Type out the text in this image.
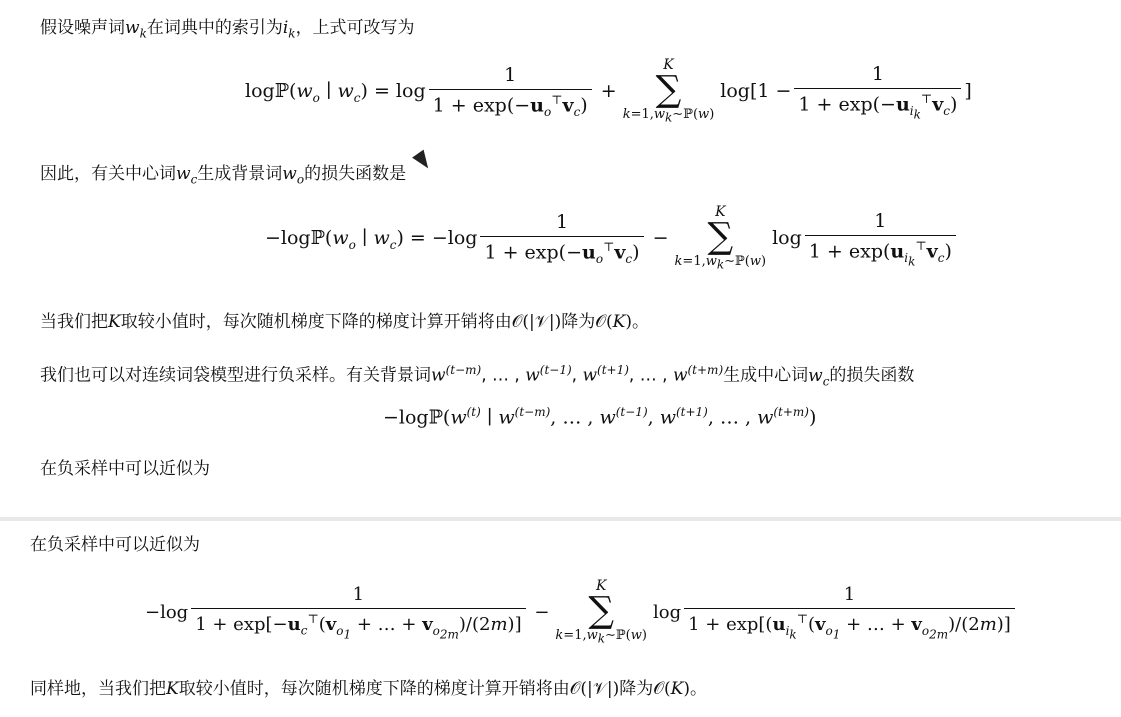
假设噪声词$w_k$在词典中的索引为$i_k$，上式可改写为
$\log ℙ(w_o$ ∣ $w_c) = \log \frac{1}{1 + \exp(-u_o^⊤v_c)}$ +
K
∑
$k=1,w_k\sim ℙ(w)$
$\log[1 - \frac{1}{1 + \exp(-u_{i_k}^⊤v_c)}$ ]
因此，有关中心词$w_c$生成背景词$w_o$的损失函数是
$-\log ℙ(w_o$ ∣ $w_c) = -\log \frac{1}{1 + \exp(-u_o^⊤v_c)}$ −
K
∑
$k=1,w_k\sim ℙ(w)$
$\log \frac{1}{1 + \exp(u_{i_k}^⊤v_c)}$
当我们把K取较小值时，每次随机梯度下降的梯度计算开销将由𝒪(|𝒱|)降为𝒪(K)。
我们也可以对连续词袋模型进行负采样。有关背景词$w^{(t-m)}$, … , $w^{(t-1)}$, $w^{(t+1)}$, … , $w^{(t+m)}$生成中心词$w_c$的损失函数
$-\log ℙ(w^{(t)}$ ∣ $w^{(t-m)}$, … , $w^{(t-1)}$, $w^{(t+1)}$, … , $w^{(t+m)}$)
在负采样中可以近似为
在负采样中可以近似为
$-\log \frac{1}{1 + \exp[-u_c^⊤(v_{o_1} + \dots + v_{o_{2m}})/(2m)]}$ −
K
∑
$k=1,w_k\sim ℙ(w)$
$\log \frac{1}{1 + \exp[(u_{i_k}^⊤(v_{o_1} + \dots + v_{o_{2m}})/(2m)]}$
同样地，当我们把K取较小值时，每次随机梯度下降的梯度计算开销将由𝒪(|𝒱|)降为𝒪(K)。
